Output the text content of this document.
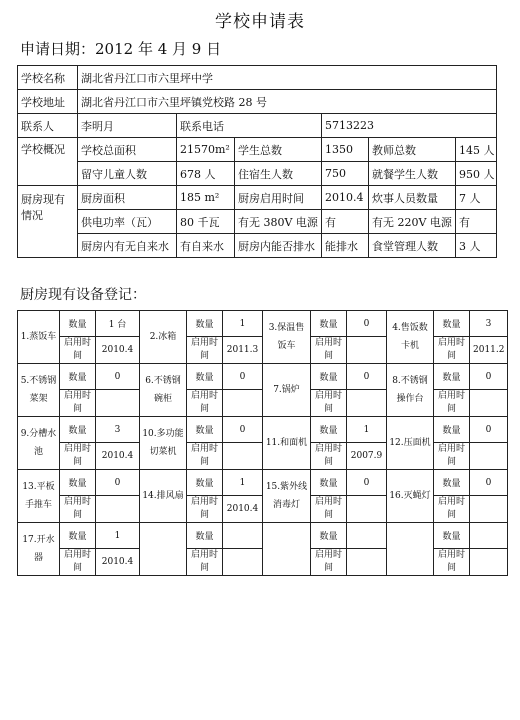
学校申请表
申请日期：2012 年 4 月 9 日
学校名称	湖北省丹江口市六里坪中学					
学校地址	湖北省丹江口市六里坪镇党校路 28 号					
联系人	李明月	联系电话		5713223		
学校概况	学校总面积	21570m²	学生总数	1350	教师总数	145 人
	留守儿童人数	678 人	住宿生人数	750	就餐学生人数	950 人
厨房现有情况	厨房面积	185 m²	厨房启用时间	2010.4	炊事人员数量	7 人
	供电功率（瓦）	80 千瓦	有无 380V 电源	有	有无 220V 电源	有
	厨房内有无自来水	有自来水	厨房内能否排水	能排水	食堂管理人数	3 人
厨房现有设备登记：
1.蒸饭车	数量	1 台	2.冰箱	数量	1	3.保温售饭车	数量	0	4.售饭数卡机	数量	3
	启用时间	2010.4		启用时间	2011.3		启用时间			启用时间	2011.2
5.不锈钢菜架	数量	0	6.不锈钢碗柜	数量	0	7.锅炉	数量	0	8.不锈钢操作台	数量	0
	启用时间			启用时间			启用时间			启用时间	
9.分槽水池	数量	3	10.多功能切菜机	数量	0	11.和面机	数量	1	12.压面机	数量	0
	启用时间	2010.4		启用时间			启用时间	2007.9		启用时间	
13.平板手推车	数量	0	14.排风扇	数量	1	15.紫外线消毒灯	数量	0	16.灭蝇灯	数量	0
	启用时间			启用时间	2010.4		启用时间			启用时间	
17.开水器	数量	1		数量			数量			数量	
	启用时间	2010.4		启用时间			启用时间			启用时间	
